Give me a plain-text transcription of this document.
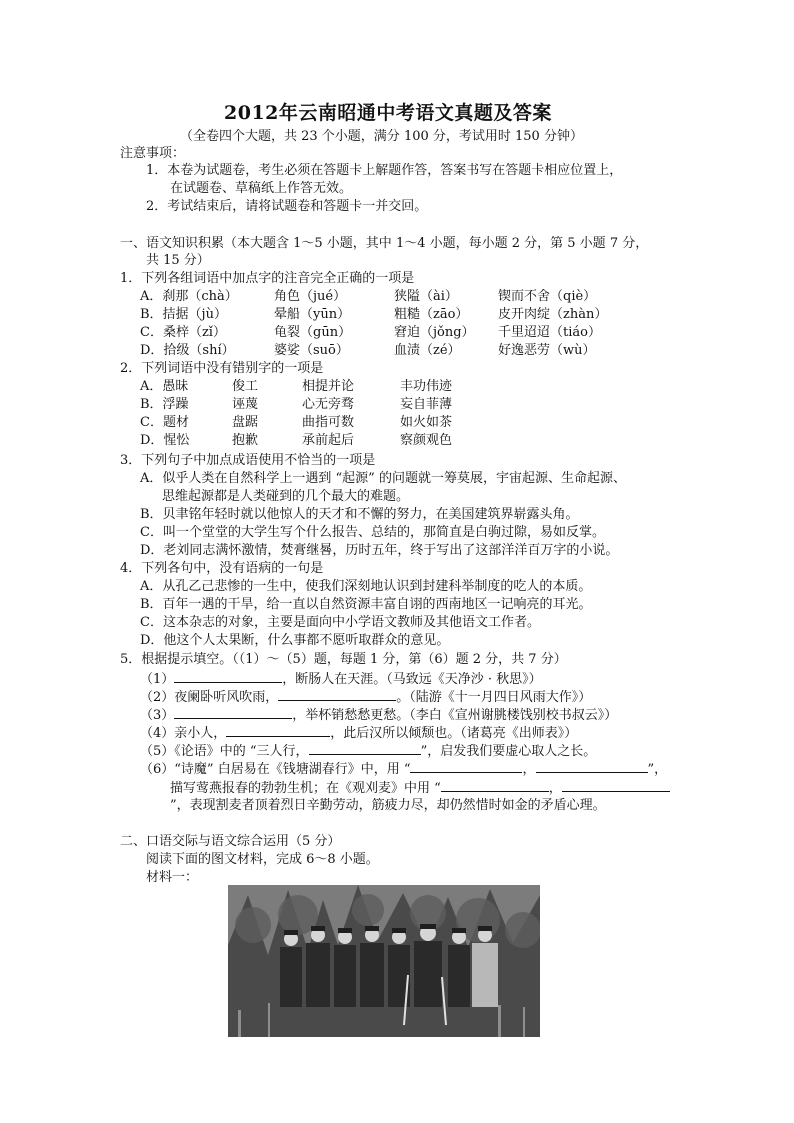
2012年云南昭通中考语文真题及答案
（全卷四个大题，共 23 个小题，满分 100 分，考试用时 150 分钟）
注意事项：
1．本卷为试题卷，考生必须在答题卡上解题作答，答案书写在答题卡相应位置上，
在试题卷、草稿纸上作答无效。
2．考试结束后，请将试题卷和答题卡一并交回。
一、语文知识积累（本大题含 1～5 小题，其中 1～4 小题，每小题 2 分，第 5 小题 7 分，
共 15 分）
1．下列各组词语中加点字的注音完全正确的一项是
A．刹那（chà）	角色（jué）	狭隘（ài）	锲而不舍（qiè）
B．拮据（jù）	晕船（yūn）	粗糙（zāo） 皮开肉绽（zhàn）
C．桑梓（zǐ）	龟裂（gūn）	窘迫（jǒng） 千里迢迢（tiáo）
D．拾级（shí）	婆娑（suō）	血渍（zé）	好逸恶劳（wù）
2．下列词语中没有错别字的一项是
A．愚昧	俊工	相提并论	丰功伟迹
B．浮躁	诬蔑	心无旁骛	妄自菲薄
C．题材	盘踞	曲指可数	如火如茶
D．惺忪	抱歉	承前起后	察颜观色
3．下列句子中加点成语使用不恰当的一项是
A．似乎人类在自然科学上一遇到 “起源” 的问题就一筹莫展，宇宙起源、生命起源、
思维起源都是人类碰到的几个最大的难题。
B．贝聿铭年轻时就以他惊人的天才和不懈的努力，在美国建筑界崭露头角。
C．叫一个堂堂的大学生写个什么报告、总结的，那简直是白驹过隙，易如反掌。
D．老刘同志满怀激情，焚膏继晷，历时五年，终于写出了这部洋洋百万字的小说。
4．下列各句中，没有语病的一句是
A．从孔乙己悲惨的一生中，使我们深刻地认识到封建科举制度的吃人的本质。
B．百年一遇的干旱，给一直以自然资源丰富自诩的西南地区一记响亮的耳光。
C．这本杂志的对象，主要是面向中小学语文教师及其他语文工作者。
D．他这个人太果断，什么事都不愿听取群众的意见。
5．根据提示填空。（（1）～（5）题，每题 1 分，第（6）题 2 分，共 7 分）
（1）	，断肠人在天涯。（马致远《天净沙 · 秋思》）
（2）夜阑卧听风吹雨，	。（陆游《十一月四日风雨大作》）
（3）	，举杯销愁愁更愁。（李白《宣州谢朓楼饯别校书叔云》）
（4）亲小人，	，此后汉所以倾颓也。（诸葛亮《出师表》）
（5）《论语》中的 “三人行，	”，启发我们要虚心取人之长。
（6）“诗魔” 白居易在《钱塘湖春行》中，用 “	，	”，
描写莺燕报春的勃勃生机；在《观刈麦》中用 “	，
”，表现割麦者顶着烈日辛勤劳动，筋疲力尽，却仍然惜时如金的矛盾心理。
二、口语交际与语文综合运用（5 分）
阅读下面的图文材料，完成 6～8 小题。
材料一：
